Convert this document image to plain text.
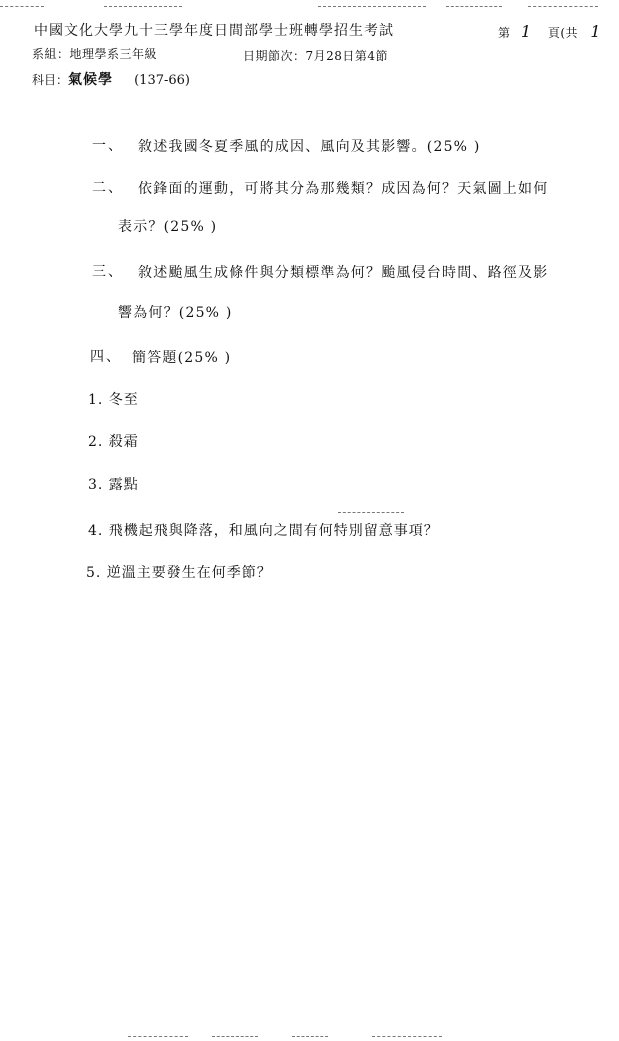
中國文化大學九十三學年度日間部學士班轉學招生考試	第 1 頁(共 1
系組：地理學系三年級	日期節次：7月28日第4節
科目：氣候學 (137-66)
一、 敘述我國冬夏季風的成因、風向及其影響。(25% )
二、 依鋒面的運動，可將其分為那幾類？成因為何？天氣圖上如何
表示？(25% )
三、 敘述颱風生成條件與分類標準為何？颱風侵台時間、路徑及影
響為何？(25% )
四、 簡答題(25% )
1. 冬至
2. 殺霜
3. 露點
4. 飛機起飛與降落，和風向之間有何特別留意事項？
5. 逆溫主要發生在何季節？
